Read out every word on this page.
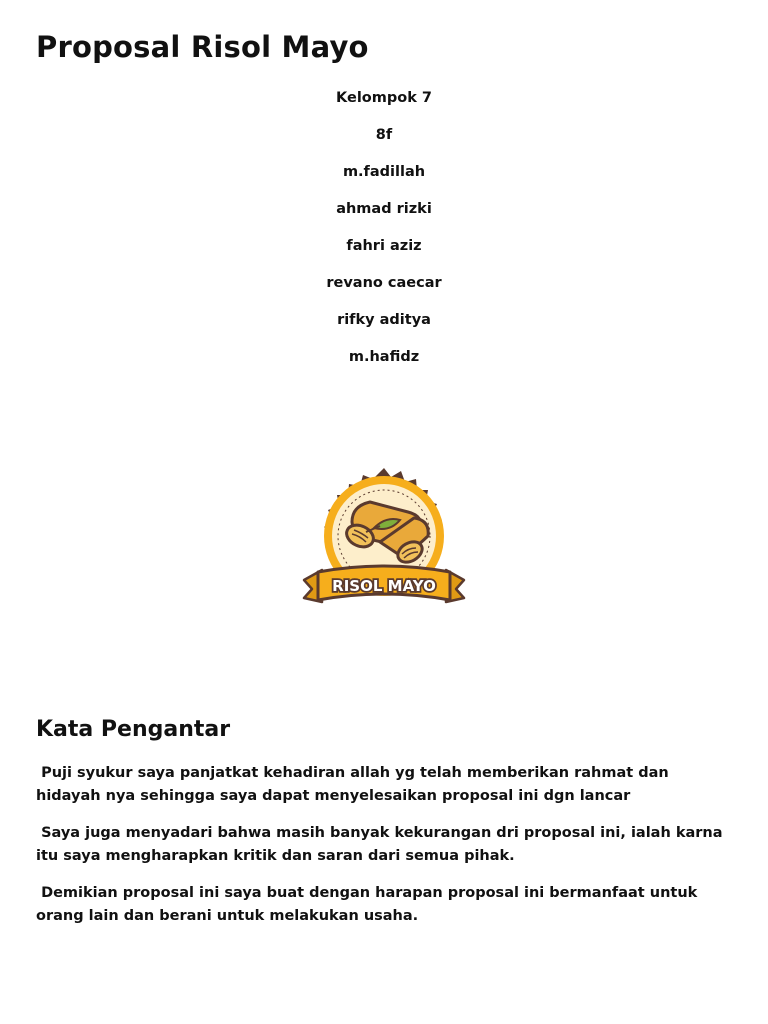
Proposal Risol Mayo
Kelompok 7
8f
m.fadillah
ahmad rizki
fahri aziz
revano caecar
rifky aditya
m.hafidz
RISOL MAYO
Kata Pengantar

Puji syukur saya panjatkat kehadiran allah yg telah memberikan rahmat dan hidayah nya sehingga saya dapat menyelesaikan proposal ini dgn lancar

Saya juga menyadari bahwa masih banyak kekurangan dri proposal ini, ialah karna itu saya mengharapkan kritik dan saran dari semua pihak.

Demikian proposal ini saya buat dengan harapan proposal ini bermanfaat untuk orang lain dan berani untuk melakukan usaha.
